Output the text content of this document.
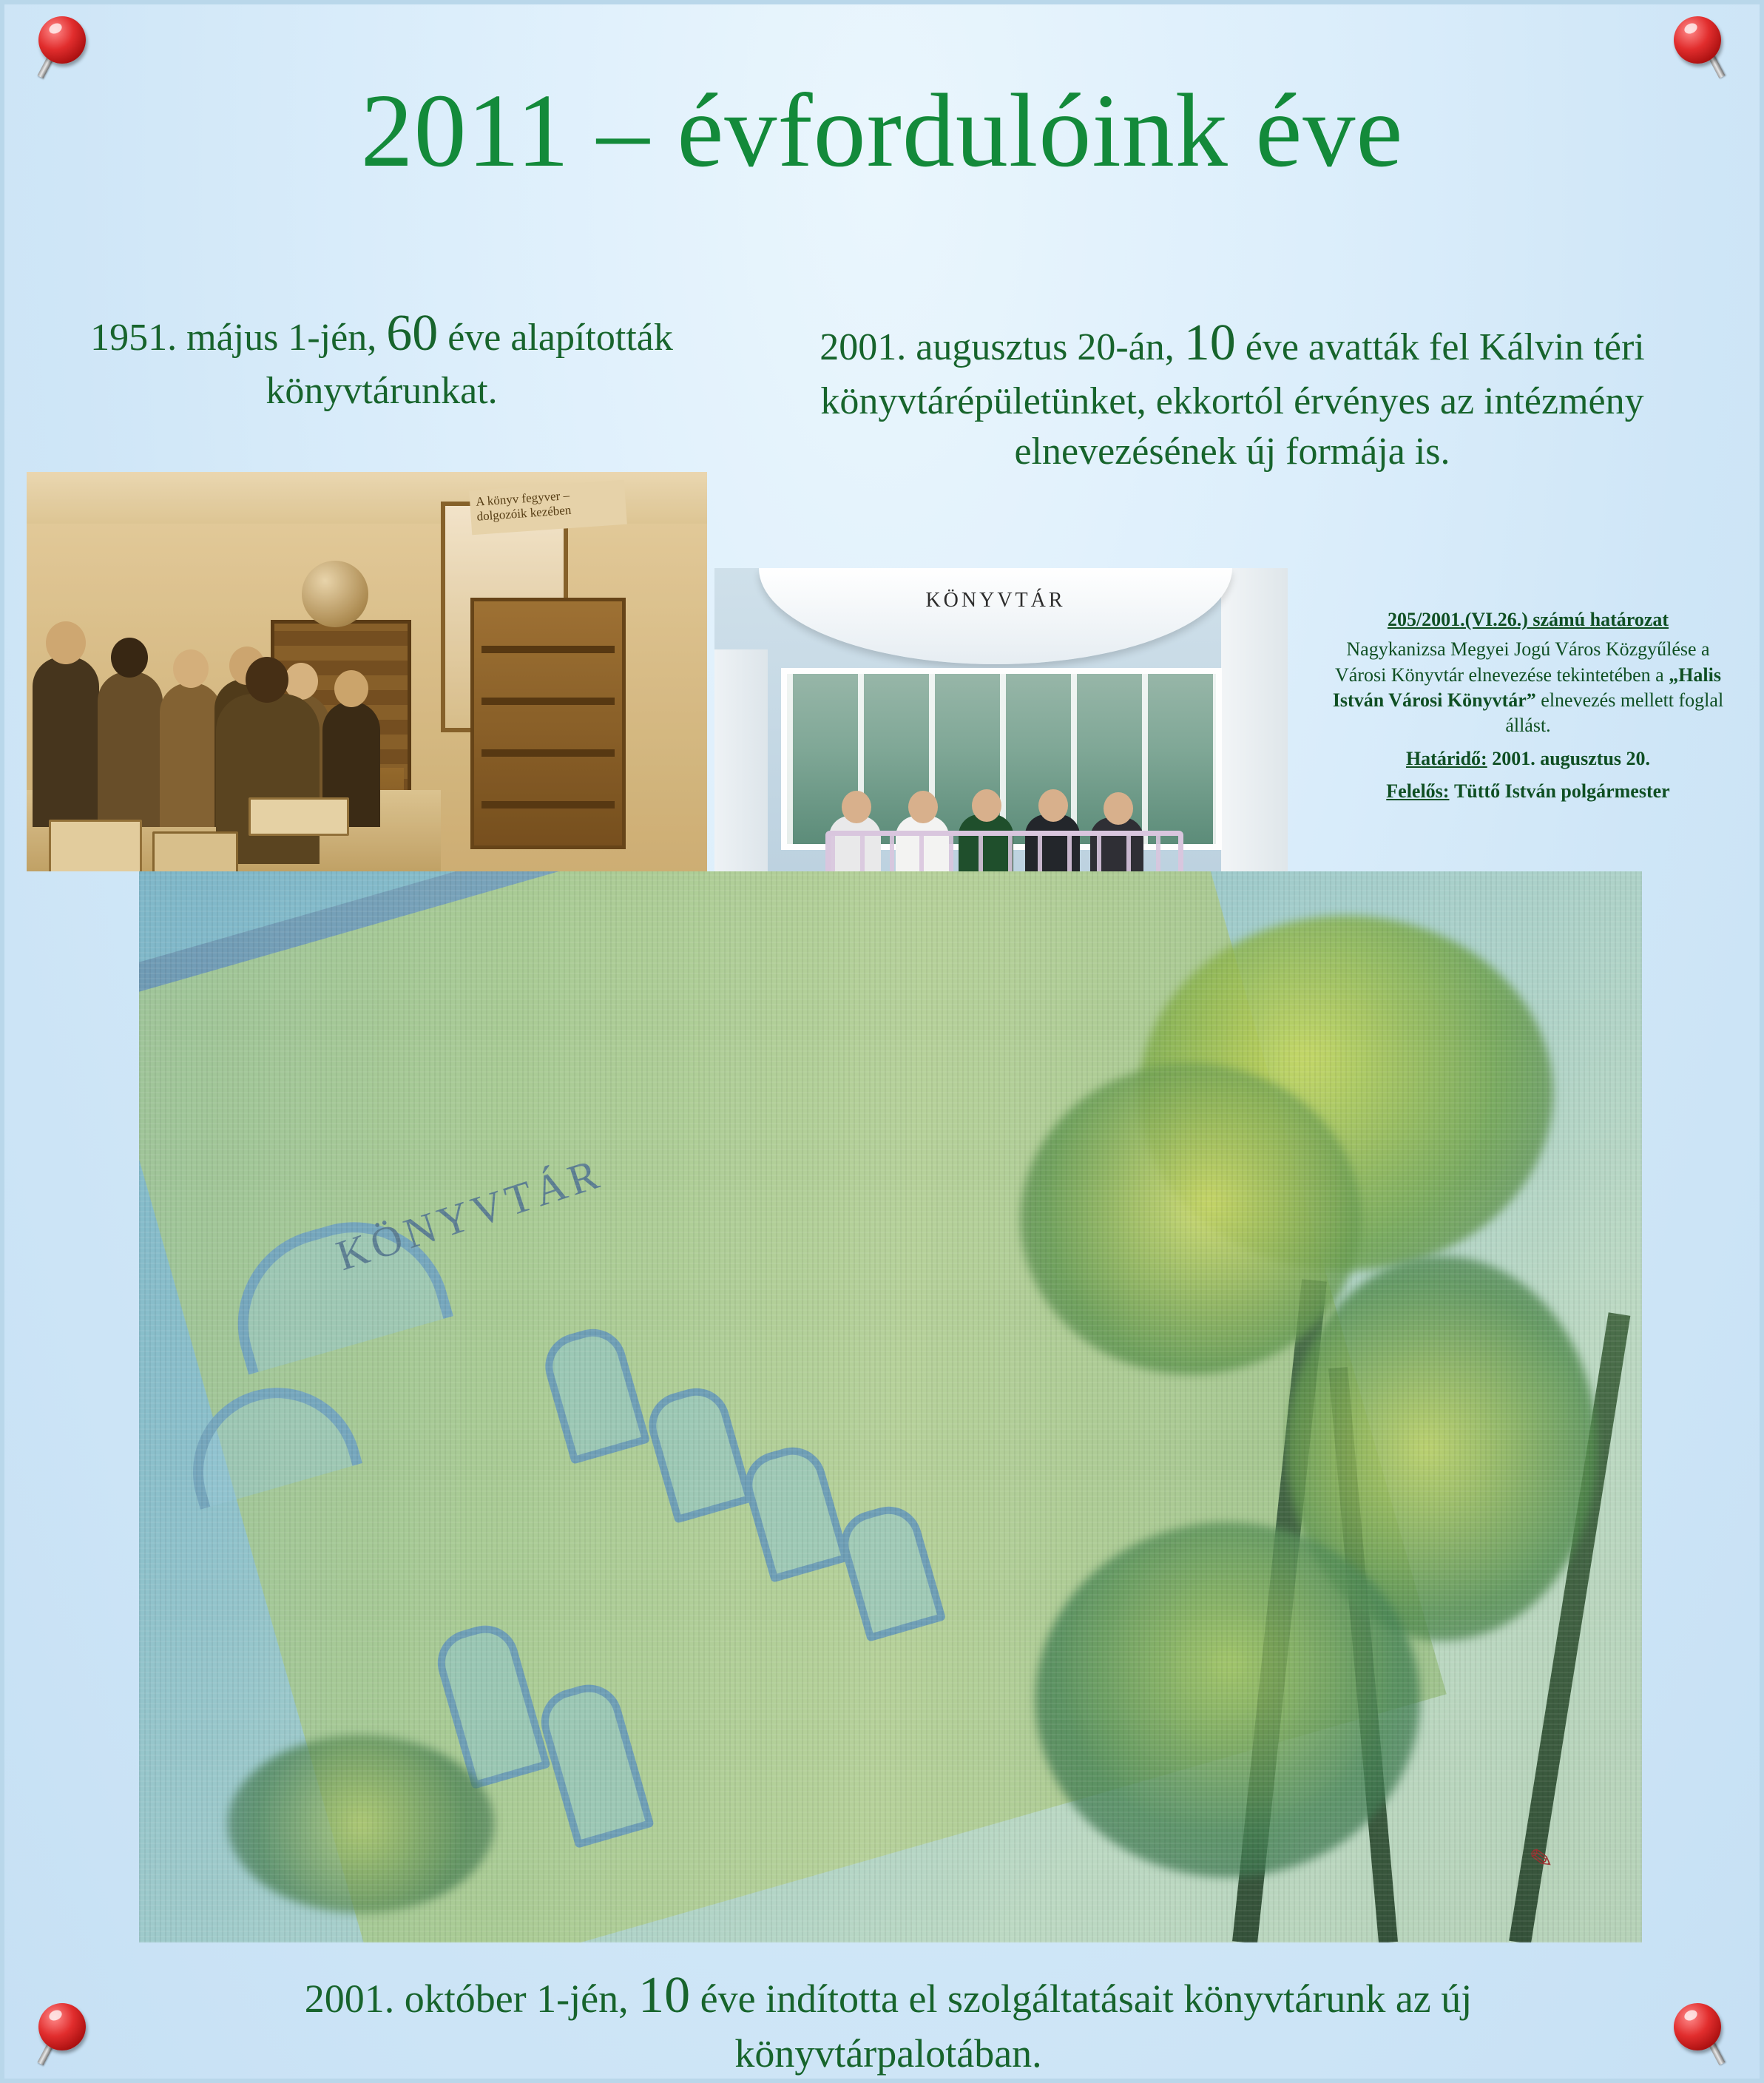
2011 – évfordulóink éve
1951. május 1-jén, 60 éve alapították könyvtárunkat.
2001. augusztus 20-án, 10 éve avatták fel Kálvin téri könyvtárépületünket, ekkortól érvényes az intézmény elnevezésének új formája is.
A könyv fegyver – dolgozóik kezében
KÖNYVTÁR
205/2001.(VI.26.) számú határozat
Nagykanizsa Megyei Jogú Város Közgyűlése a Városi Könyvtár elnevezése tekintetében a „Halis István Városi Könyvtár” elnevezés mellett foglal állást.
Határidő: 2001. augusztus 20.
Felelős: Tüttő István polgármester
2001. október 1-jén, 10 éve indította el szolgáltatásait könyvtárunk az új könyvtárpalotában.
